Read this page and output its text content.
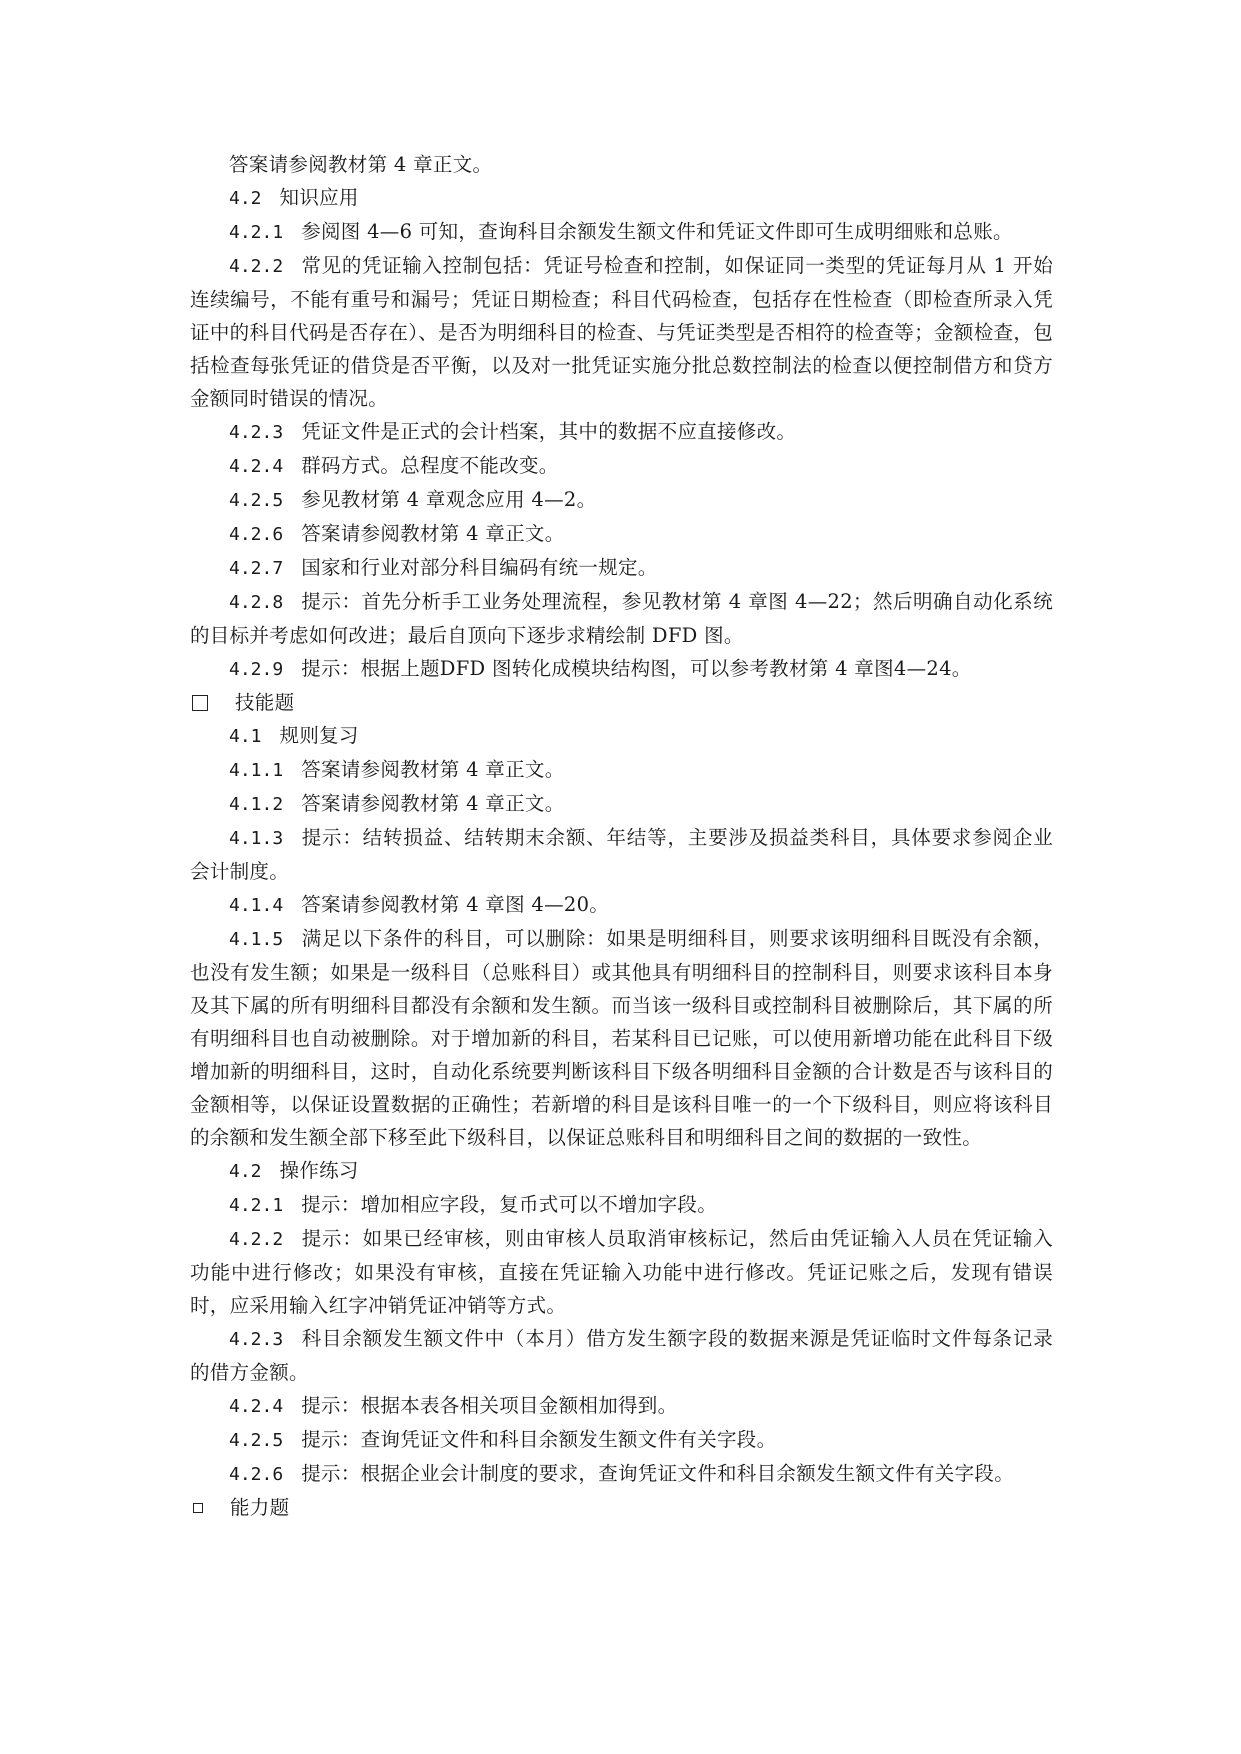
答案请参阅教材第 4 章正文。

4.2 知识应用

4.2.1 参阅图 4—6 可知，查询科目余额发生额文件和凭证文件即可生成明细账和总账。

4.2.2 常见的凭证输入控制包括：凭证号检查和控制，如保证同一类型的凭证每月从 1 开始连续编号，不能有重号和漏号；凭证日期检查；科目代码检查，包括存在性检查（即检查所录入凭证中的科目代码是否存在）、是否为明细科目的检查、与凭证类型是否相符的检查等；金额检查，包括检查每张凭证的借贷是否平衡，以及对一批凭证实施分批总数控制法的检查以便控制借方和贷方金额同时错误的情况。

4.2.3 凭证文件是正式的会计档案，其中的数据不应直接修改。

4.2.4 群码方式。总程度不能改变。

4.2.5 参见教材第 4 章观念应用 4—2。

4.2.6 答案请参阅教材第 4 章正文。

4.2.7 国家和行业对部分科目编码有统一规定。

4.2.8 提示：首先分析手工业务处理流程，参见教材第 4 章图 4—22；然后明确自动化系统的目标并考虑如何改进；最后自顶向下逐步求精绘制 DFD 图。

4.2.9 提示：根据上题DFD 图转化成模块结构图，可以参考教材第 4 章图4—24。

技能题

4.1 规则复习

4.1.1 答案请参阅教材第 4 章正文。

4.1.2 答案请参阅教材第 4 章正文。

4.1.3 提示：结转损益、结转期末余额、年结等，主要涉及损益类科目，具体要求参阅企业会计制度。

4.1.4 答案请参阅教材第 4 章图 4—20。

4.1.5 满足以下条件的科目，可以删除：如果是明细科目，则要求该明细科目既没有余额，也没有发生额；如果是一级科目（总账科目）或其他具有明细科目的控制科目，则要求该科目本身及其下属的所有明细科目都没有余额和发生额。而当该一级科目或控制科目被删除后，其下属的所有明细科目也自动被删除。对于增加新的科目，若某科目已记账，可以使用新增功能在此科目下级增加新的明细科目，这时，自动化系统要判断该科目下级各明细科目金额的合计数是否与该科目的金额相等，以保证设置数据的正确性；若新增的科目是该科目唯一的一个下级科目，则应将该科目的余额和发生额全部下移至此下级科目，以保证总账科目和明细科目之间的数据的一致性。

4.2 操作练习

4.2.1 提示：增加相应字段，复币式可以不增加字段。

4.2.2 提示：如果已经审核，则由审核人员取消审核标记，然后由凭证输入人员在凭证输入功能中进行修改；如果没有审核，直接在凭证输入功能中进行修改。凭证记账之后，发现有错误时，应采用输入红字冲销凭证冲销等方式。

4.2.3 科目余额发生额文件中（本月）借方发生额字段的数据来源是凭证临时文件每条记录的借方金额。

4.2.4 提示：根据本表各相关项目金额相加得到。

4.2.5 提示：查询凭证文件和科目余额发生额文件有关字段。

4.2.6 提示：根据企业会计制度的要求，查询凭证文件和科目余额发生额文件有关字段。

能力题
